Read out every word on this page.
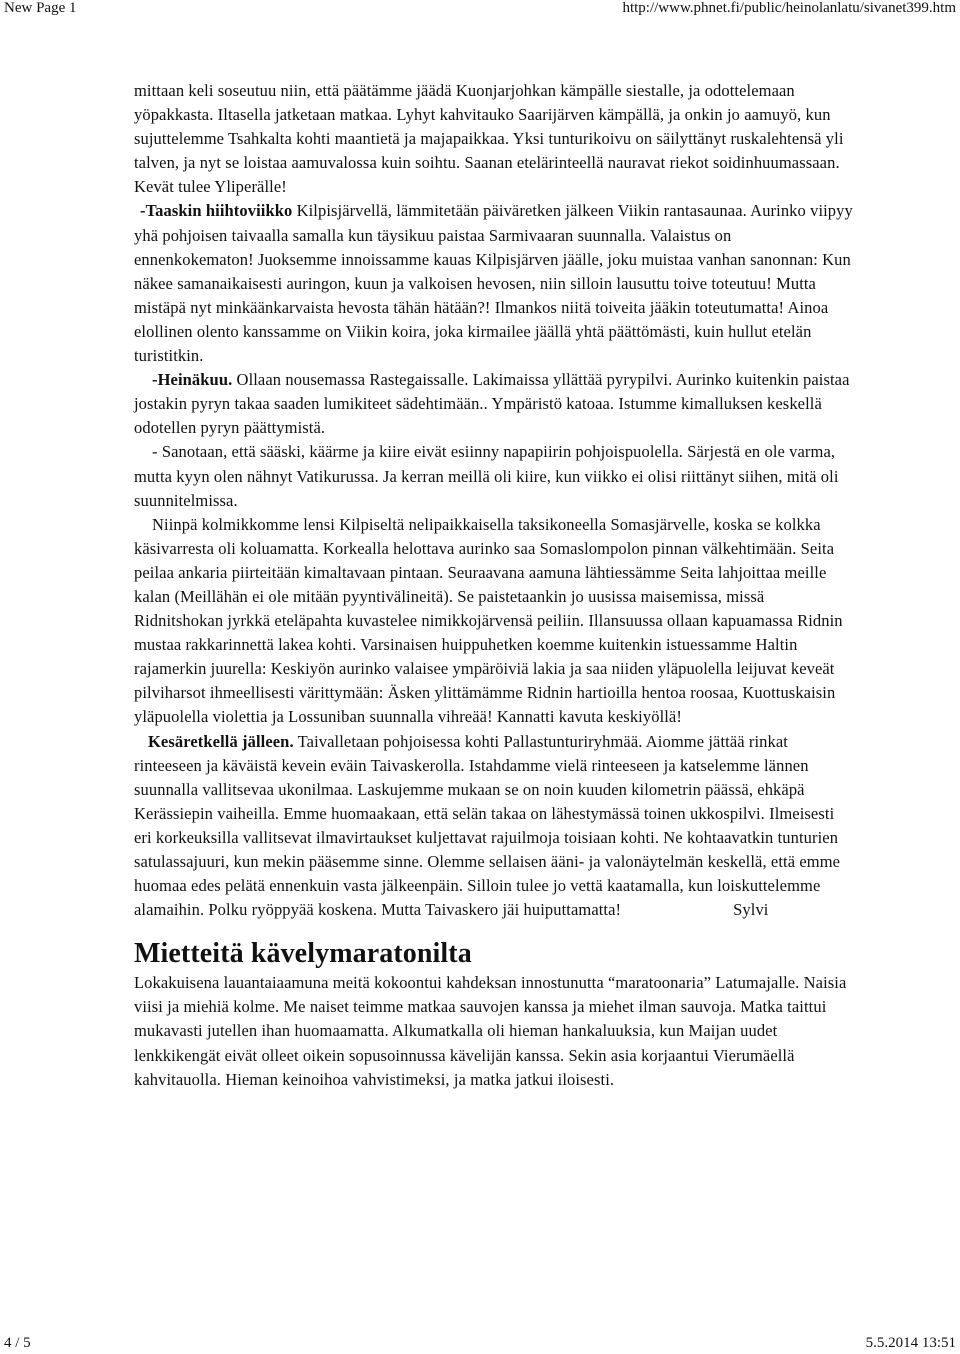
New Page 1	http://www.phnet.fi/public/heinolanlatu/sivanet399.htm

mittaan keli soseutuu niin, että päätämme jäädä Kuonjarjohkan kämpälle siestalle, ja odottelemaan yöpakkasta. Iltasella jatketaan matkaa. Lyhyt kahvitauko Saarijärven kämpällä, ja onkin jo aamuyö, kun sujuttelemme Tsahkalta kohti maantietä ja majapaikkaa. Yksi tunturikoivu on säilyttänyt ruskalehtensä yli talven, ja nyt se loistaa aamuvalossa kuin soihtu. Saanan etelärinteellä nauravat riekot soidinhuumassaan. Kevät tulee Yliperälle!

-Taaskin hiihtoviikko Kilpisjärvellä, lämmitetään päiväretken jälkeen Viikin rantasaunaa. Aurinko viipyy yhä pohjoisen taivaalla samalla kun täysikuu paistaa Sarmivaaran suunnalla. Valaistus on ennenkokematon! Juoksemme innoissamme kauas Kilpisjärven jäälle, joku muistaa vanhan sanonnan: Kun näkee samanaikaisesti auringon, kuun ja valkoisen hevosen, niin silloin lausuttu toive toteutuu! Mutta mistäpä nyt minkäänkarvaista hevosta tähän hätään?! Ilmankos niitä toiveita jääkin toteutumatta! Ainoa elollinen olento kanssamme on Viikin koira, joka kirmailee jäällä yhtä päättömästi, kuin hullut etelän turistitkin.

-Heinäkuu. Ollaan nousemassa Rastegaissalle. Lakimaissa yllättää pyrypilvi. Aurinko kuitenkin paistaa jostakin pyryn takaa saaden lumikiteet sädehtimään.. Ympäristö katoaa. Istumme kimalluksen keskellä odotellen pyryn päättymistä.

- Sanotaan, että sääski, käärme ja kiire eivät esiinny napapiirin pohjoispuolella. Särjestä en ole varma, mutta kyyn olen nähnyt Vatikurussa. Ja kerran meillä oli kiire, kun viikko ei olisi riittänyt siihen, mitä oli suunnitelmissa.

Niinpä kolmikkomme lensi Kilpiseltä nelipaikkaisella taksikoneella Somasjärvelle, koska se kolkka käsivarresta oli koluamatta. Korkealla helottava aurinko saa Somaslompolon pinnan välkehtimään. Seita peilaa ankaria piirteitään kimaltavaan pintaan. Seuraavana aamuna lähtiessämme Seita lahjoittaa meille kalan (Meillähän ei ole mitään pyyntivälineitä). Se paistetaankin jo uusissa maisemissa, missä Ridnitshokan jyrkkä eteläpahta kuvastelee nimikkojärvensä peiliin. Illansuussa ollaan kapuamassa Ridnin mustaa rakkarinnettä lakea kohti. Varsinaisen huippuhetken koemme kuitenkin istuessamme Haltin rajamerkin juurella: Keskiyön aurinko valaisee ympäröiviä lakia ja saa niiden yläpuolella leijuvat keveät pilviharsot ihmeellisesti värittymään: Äsken ylittämämme Ridnin hartioilla hentoa roosaa, Kuottuskaisin yläpuolella violettia ja Lossuniban suunnalla vihreää! Kannatti kavuta keskiyöllä!

Kesäretkellä jälleen. Taivalletaan pohjoisessa kohti Pallastunturiryhmää. Aiomme jättää rinkat rinteeseen ja käväistä kevein eväin Taivaskerolla. Istahdamme vielä rinteeseen ja katselemme lännen suunnalla vallitsevaa ukonilmaa. Laskujemme mukaan se on noin kuuden kilometrin päässä, ehkäpä Kerässiepin vaiheilla. Emme huomaakaan, että selän takaa on lähestymässä toinen ukkospilvi. Ilmeisesti eri korkeuksilla vallitsevat ilmavirtaukset kuljettavat rajuilmoja toisiaan kohti. Ne kohtaavatkin tunturien satulassajuuri, kun mekin pääsemme sinne. Olemme sellaisen ääni- ja valonäytelmän keskellä, että emme huomaa edes pelätä ennenkuin vasta jälkeenpäin. Silloin tulee jo vettä kaatamalla, kun loiskuttelemme alamaihin. Polku ryöppyää koskena. Mutta Taivaskero jäi huiputtamatta!	Sylvi

Mietteitä kävelymaratonilta

Lokakuisena lauantaiaamuna meitä kokoontui kahdeksan innostunutta “maratoonaria” Latumajalle. Naisia viisi ja miehiä kolme. Me naiset teimme matkaa sauvojen kanssa ja miehet ilman sauvoja. Matka taittui mukavasti jutellen ihan huomaamatta. Alkumatkalla oli hieman hankaluuksia, kun Maijan uudet lenkkikengät eivät olleet oikein sopusoinnussa kävelijän kanssa. Sekin asia korjaantui Vierumäellä kahvitauolla. Hieman keinoihoa vahvistimeksi, ja matka jatkui iloisesti.

4 / 5	5.5.2014 13:51
